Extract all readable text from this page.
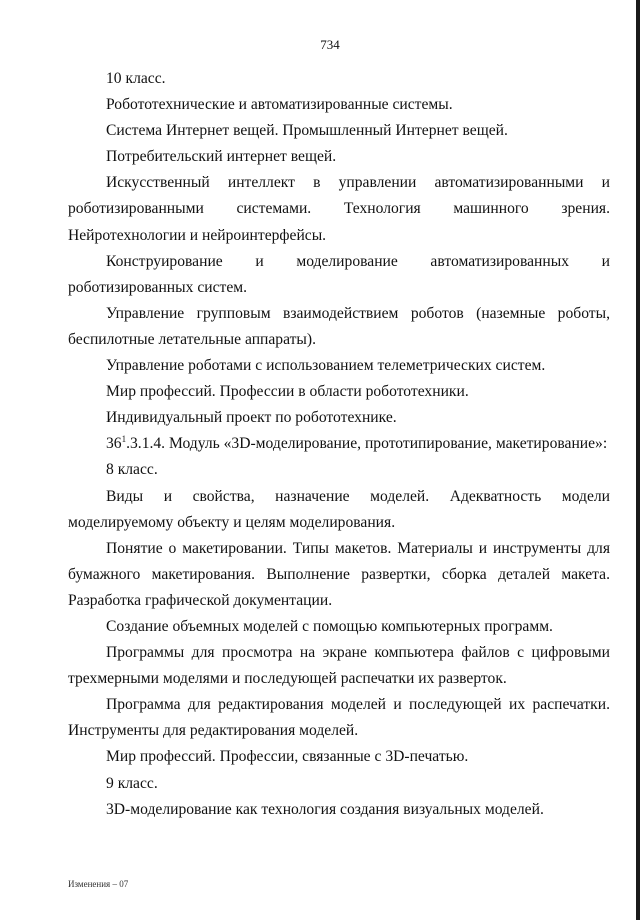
734

10 класс.

Робототехнические и автоматизированные системы.

Система Интернет вещей. Промышленный Интернет вещей.

Потребительский интернет вещей.

Искусственный интеллект в управлении автоматизированными и роботизированными системами. Технология машинного зрения. Нейротехнологии и нейроинтерфейсы.

Конструирование и моделирование автоматизированных и роботизированных систем.

Управление групповым взаимодействием роботов (наземные роботы, беспилотные летательные аппараты).

Управление роботами с использованием телеметрических систем.

Мир профессий. Профессии в области робототехники.

Индивидуальный проект по робототехнике.

$36^1.3.1.4$. Модуль «3D-моделирование, прототипирование, макетирование»:

8 класс.

Виды и свойства, назначение моделей. Адекватность модели моделируемому объекту и целям моделирования.

Понятие о макетировании. Типы макетов. Материалы и инструменты для бумажного макетирования. Выполнение развертки, сборка деталей макета. Разработка графической документации.

Создание объемных моделей с помощью компьютерных программ.

Программы для просмотра на экране компьютера файлов с цифровыми трехмерными моделями и последующей распечатки их разверток.

Программа для редактирования моделей и последующей их распечатки. Инструменты для редактирования моделей.

Мир профессий. Профессии, связанные с 3D-печатью.

9 класс.

3D-моделирование как технология создания визуальных моделей.

Изменения – 07
